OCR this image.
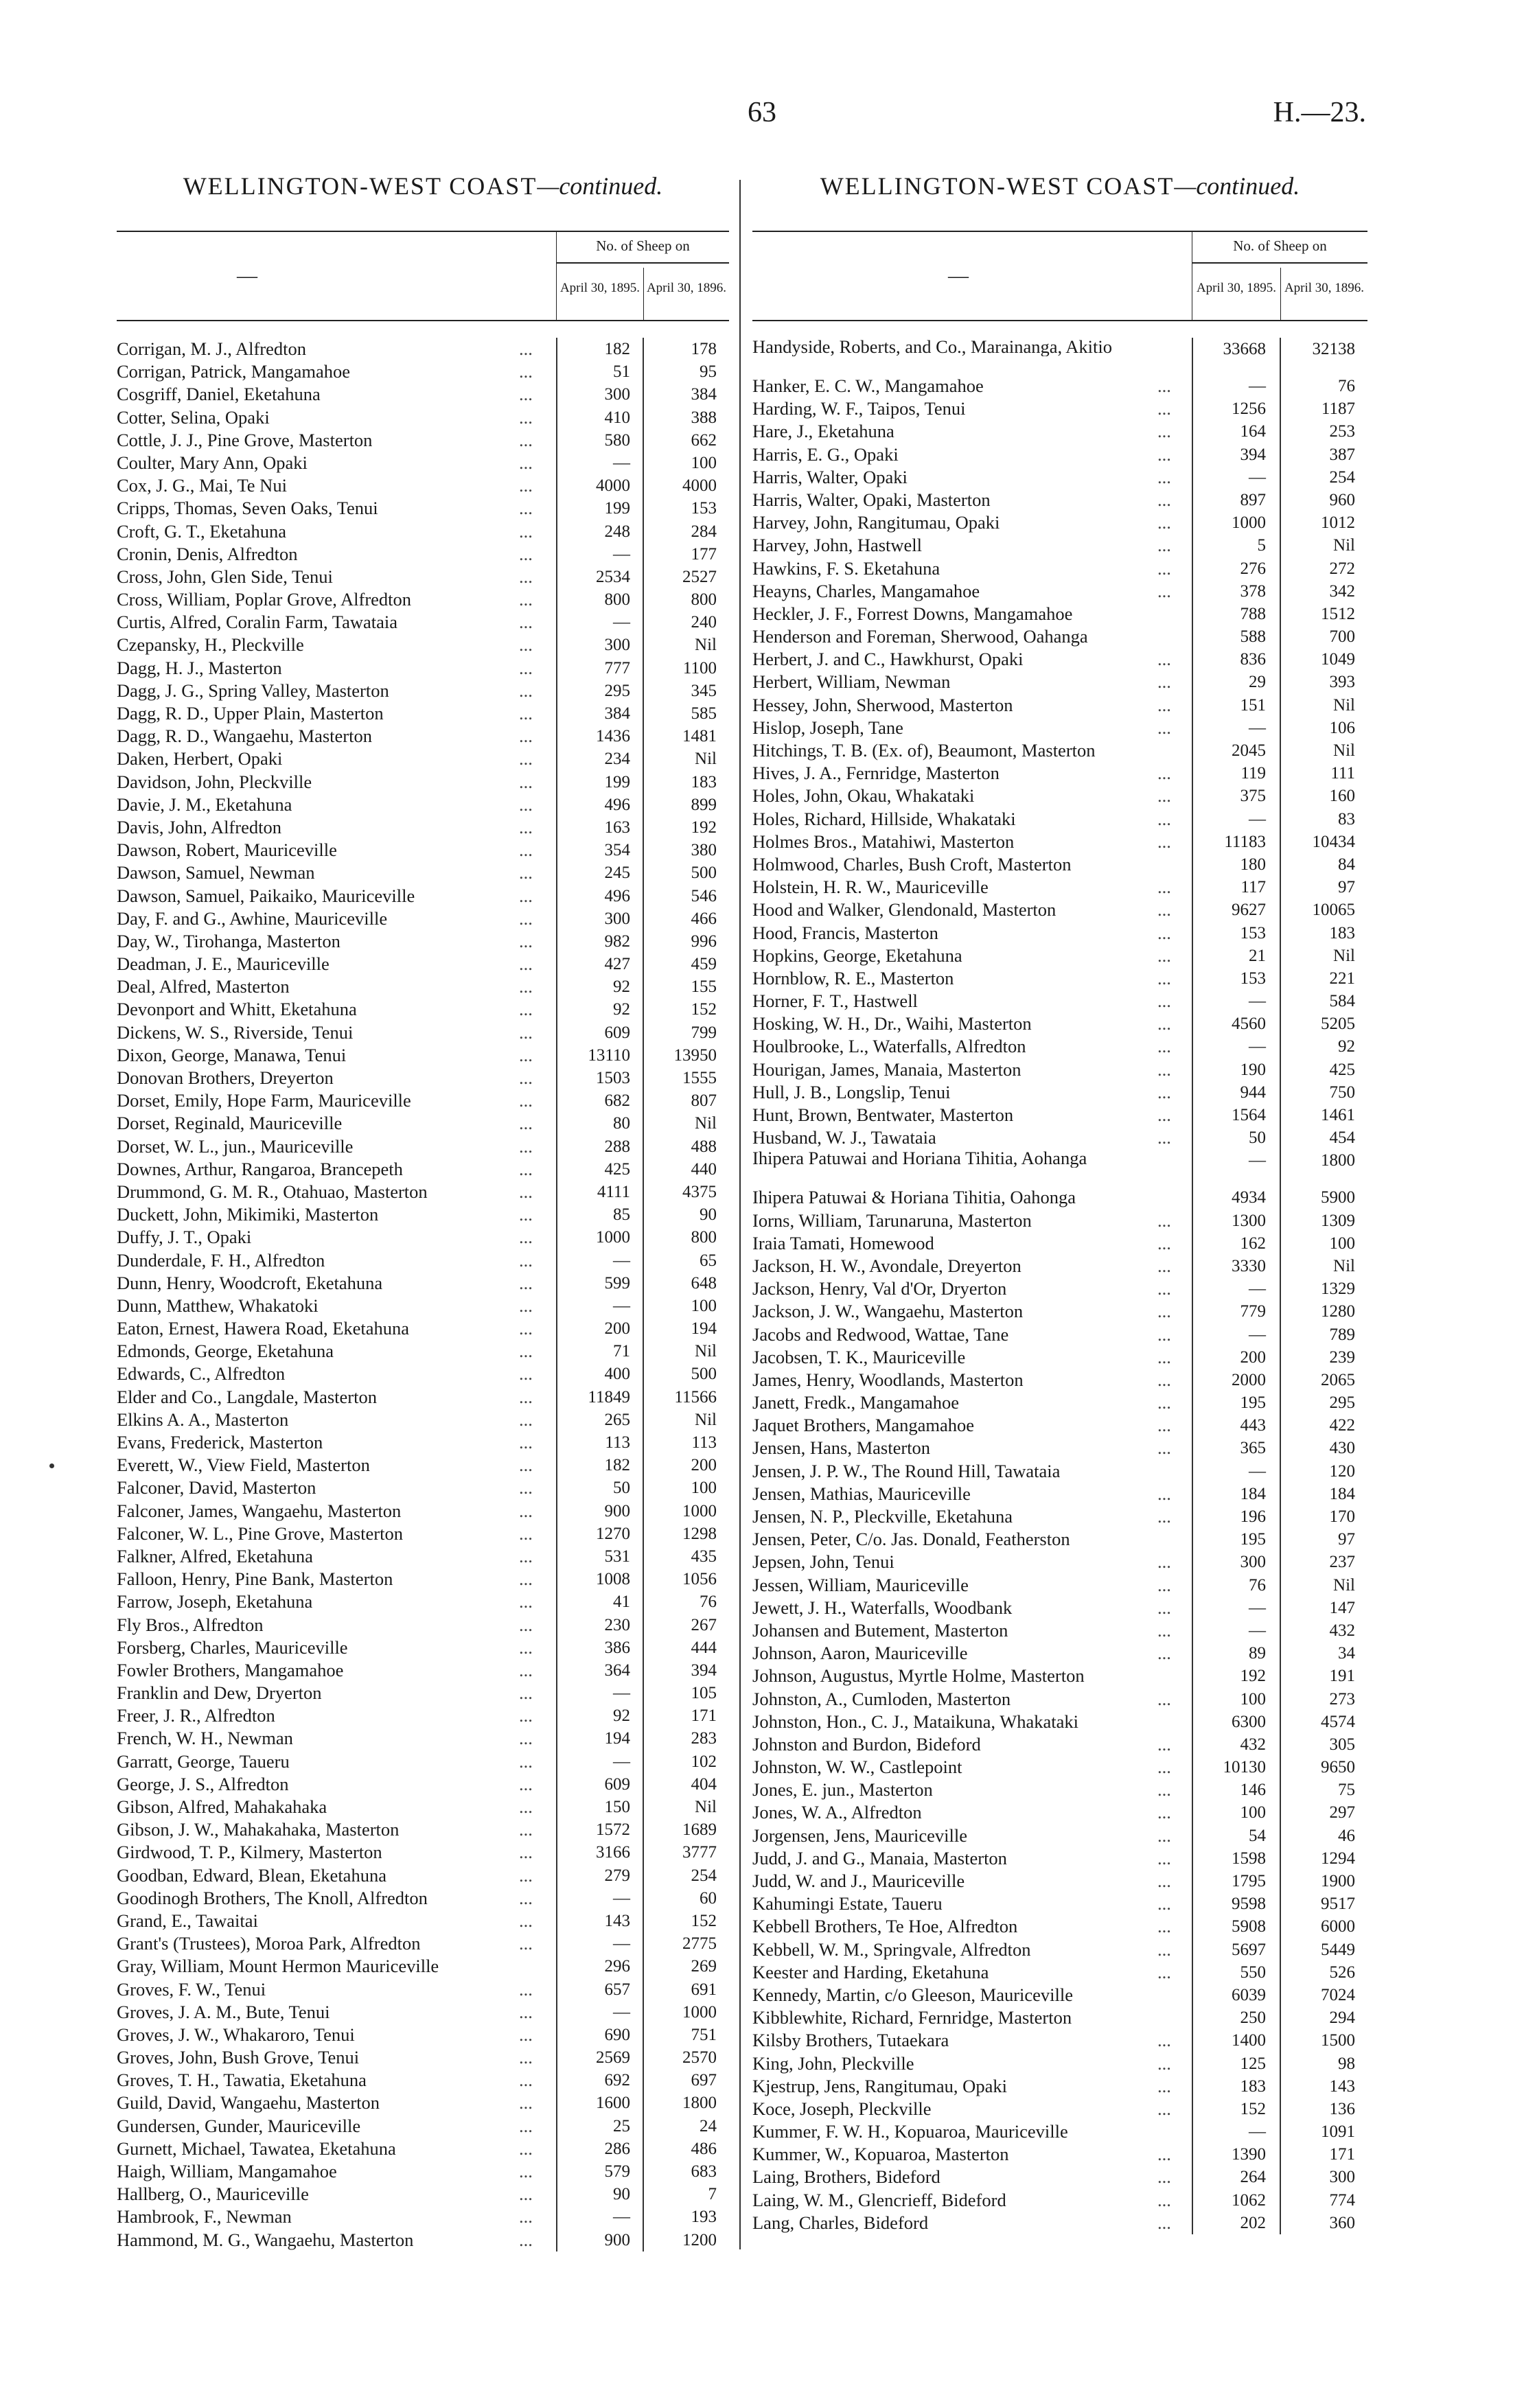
63	H.—23.
WELLINGTON-WEST COAST—continued.
—
No. of Sheep on
April 30, 1895. April 30, 1896.
Corrigan, M. J., Alfredton	...	182	178
Corrigan, Patrick, Mangamahoe	...	51	95
Cosgriff, Daniel, Eketahuna	...	300	384
Cotter, Selina, Opaki	...	410	388
Cottle, J. J., Pine Grove, Masterton	...	580	662
Coulter, Mary Ann, Opaki	...	—	100
Cox, J. G., Mai, Te Nui	...	4000	4000
Cripps, Thomas, Seven Oaks, Tenui	...	199	153
Croft, G. T., Eketahuna	...	248	284
Cronin, Denis, Alfredton	...	—	177
Cross, John, Glen Side, Tenui	...	2534	2527
Cross, William, Poplar Grove, Alfredton	...	800	800
Curtis, Alfred, Coralin Farm, Tawataia	...	—	240
Czepansky, H., Pleckville	...	300	Nil
Dagg, H. J., Masterton	...	777	1100
Dagg, J. G., Spring Valley, Masterton	...	295	345
Dagg, R. D., Upper Plain, Masterton	...	384	585
Dagg, R. D., Wangaehu, Masterton	...	1436	1481
Daken, Herbert, Opaki	...	234	Nil
Davidson, John, Pleckville	...	199	183
Davie, J. M., Eketahuna	...	496	899
Davis, John, Alfredton	...	163	192
Dawson, Robert, Mauriceville	...	354	380
Dawson, Samuel, Newman	...	245	500
Dawson, Samuel, Paikaiko, Mauriceville	...	496	546
Day, F. and G., Awhine, Mauriceville	...	300	466
Day, W., Tirohanga, Masterton	...	982	996
Deadman, J. E., Mauriceville	...	427	459
Deal, Alfred, Masterton	...	92	155
Devonport and Whitt, Eketahuna	...	92	152
Dickens, W. S., Riverside, Tenui	...	609	799
Dixon, George, Manawa, Tenui	...	13110	13950
Donovan Brothers, Dreyerton	...	1503	1555
Dorset, Emily, Hope Farm, Mauriceville	...	682	807
Dorset, Reginald, Mauriceville	...	80	Nil
Dorset, W. L., jun., Mauriceville	...	288	488
Downes, Arthur, Rangaroa, Brancepeth	...	425	440
Drummond, G. M. R., Otahuao, Masterton	...	4111	4375
Duckett, John, Mikimiki, Masterton	...	85	90
Duffy, J. T., Opaki	...	1000	800
Dunderdale, F. H., Alfredton	...	—	65
Dunn, Henry, Woodcroft, Eketahuna	...	599	648
Dunn, Matthew, Whakatoki	...	—	100
Eaton, Ernest, Hawera Road, Eketahuna	...	200	194
Edmonds, George, Eketahuna	...	71	Nil
Edwards, C., Alfredton	...	400	500
Elder and Co., Langdale, Masterton	...	11849	11566
Elkins A. A., Masterton	...	265	Nil
Evans, Frederick, Masterton	...	113	113
Everett, W., View Field, Masterton	...	182	200
Falconer, David, Masterton	...	50	100
Falconer, James, Wangaehu, Masterton	...	900	1000
Falconer, W. L., Pine Grove, Masterton	...	1270	1298
Falkner, Alfred, Eketahuna	...	531	435
Falloon, Henry, Pine Bank, Masterton	...	1008	1056
Farrow, Joseph, Eketahuna	...	41	76
Fly Bros., Alfredton	...	230	267
Forsberg, Charles, Mauriceville	...	386	444
Fowler Brothers, Mangamahoe	...	364	394
Franklin and Dew, Dryerton	...	—	105
Freer, J. R., Alfredton	...	92	171
French, W. H., Newman	...	194	283
Garratt, George, Taueru	...	—	102
George, J. S., Alfredton	...	609	404
Gibson, Alfred, Mahakahaka	...	150	Nil
Gibson, J. W., Mahakahaka, Masterton	...	1572	1689
Girdwood, T. P., Kilmery, Masterton	...	3166	3777
Goodban, Edward, Blean, Eketahuna	...	279	254
Goodinogh Brothers, The Knoll, Alfredton	...	—	60
Grand, E., Tawaitai	...	143	152
Grant's (Trustees), Moroa Park, Alfredton	...	—	2775
Gray, William, Mount Hermon Mauriceville	296	269
Groves, F. W., Tenui	...	657	691
Groves, J. A. M., Bute, Tenui	...	—	1000
Groves, J. W., Whakaroro, Tenui	...	690	751
Groves, John, Bush Grove, Tenui	...	2569	2570
Groves, T. H., Tawatia, Eketahuna	...	692	697
Guild, David, Wangaehu, Masterton	...	1600	1800
Gundersen, Gunder, Mauriceville	...	25	24
Gurnett, Michael, Tawatea, Eketahuna	...	286	486
Haigh, William, Mangamahoe	...	579	683
Hallberg, O., Mauriceville	...	90	7
Hambrook, F., Newman	...	—	193
Hammond, M. G., Wangaehu, Masterton	...	900	1200
WELLINGTON-WEST COAST—continued.
—
No. of Sheep on
April 30, 1895. April 30, 1896.
Handyside, Roberts, and Co., Marainanga, Akitio	33668	32138
Hanker, E. C. W., Mangamahoe	...	—	76
Harding, W. F., Taipos, Tenui	...	1256	1187
Hare, J., Eketahuna	...	164	253
Harris, E. G., Opaki	...	394	387
Harris, Walter, Opaki	...	—	254
Harris, Walter, Opaki, Masterton	...	897	960
Harvey, John, Rangitumau, Opaki	...	1000	1012
Harvey, John, Hastwell	...	5	Nil
Hawkins, F. S. Eketahuna	...	276	272
Heayns, Charles, Mangamahoe	...	378	342
Heckler, J. F., Forrest Downs, Mangamahoe	788	1512
Henderson and Foreman, Sherwood, Oahanga	588	700
Herbert, J. and C., Hawkhurst, Opaki	...	836	1049
Herbert, William, Newman	...	29	393
Hessey, John, Sherwood, Masterton	...	151	Nil
Hislop, Joseph, Tane	...	—	106
Hitchings, T. B. (Ex. of), Beaumont, Masterton	2045	Nil
Hives, J. A., Fernridge, Masterton	...	119	111
Holes, John, Okau, Whakataki	...	375	160
Holes, Richard, Hillside, Whakataki	...	—	83
Holmes Bros., Matahiwi, Masterton	...	11183	10434
Holmwood, Charles, Bush Croft, Masterton	180	84
Holstein, H. R. W., Mauriceville	...	117	97
Hood and Walker, Glendonald, Masterton	...	9627	10065
Hood, Francis, Masterton	...	153	183
Hopkins, George, Eketahuna	...	21	Nil
Hornblow, R. E., Masterton	...	153	221
Horner, F. T., Hastwell	...	—	584
Hosking, W. H., Dr., Waihi, Masterton	...	4560	5205
Houlbrooke, L., Waterfalls, Alfredton	...	—	92
Hourigan, James, Manaia, Masterton	...	190	425
Hull, J. B., Longslip, Tenui	...	944	750
Hunt, Brown, Bentwater, Masterton	...	1564	1461
Husband, W. J., Tawataia	...	50	454
Ihipera Patuwai and Horiana Tihitia, Aohanga	—	1800
Ihipera Patuwai & Horiana Tihitia, Oahonga	4934	5900
Iorns, William, Tarunaruna, Masterton	...	1300	1309
Iraia Tamati, Homewood	...	162	100
Jackson, H. W., Avondale, Dreyerton	...	3330	Nil
Jackson, Henry, Val d'Or, Dryerton	...	—	1329
Jackson, J. W., Wangaehu, Masterton	...	779	1280
Jacobs and Redwood, Wattae, Tane	...	—	789
Jacobsen, T. K., Mauriceville	...	200	239
James, Henry, Woodlands, Masterton	...	2000	2065
Janett, Fredk., Mangamahoe	...	195	295
Jaquet Brothers, Mangamahoe	...	443	422
Jensen, Hans, Masterton	...	365	430
Jensen, J. P. W., The Round Hill, Tawataia	—	120
Jensen, Mathias, Mauriceville	...	184	184
Jensen, N. P., Pleckville, Eketahuna	...	196	170
Jensen, Peter, C/o. Jas. Donald, Featherston	195	97
Jepsen, John, Tenui	...	300	237
Jessen, William, Mauriceville	...	76	Nil
Jewett, J. H., Waterfalls, Woodbank	...	—	147
Johansen and Butement, Masterton	...	—	432
Johnson, Aaron, Mauriceville	...	89	34
Johnson, Augustus, Myrtle Holme, Masterton	192	191
Johnston, A., Cumloden, Masterton	...	100	273
Johnston, Hon., C. J., Mataikuna, Whakataki	6300	4574
Johnston and Burdon, Bideford	...	432	305
Johnston, W. W., Castlepoint	...	10130	9650
Jones, E. jun., Masterton	...	146	75
Jones, W. A., Alfredton	...	100	297
Jorgensen, Jens, Mauriceville	...	54	46
Judd, J. and G., Manaia, Masterton	...	1598	1294
Judd, W. and J., Mauriceville	...	1795	1900
Kahumingi Estate, Taueru	...	9598	9517
Kebbell Brothers, Te Hoe, Alfredton	...	5908	6000
Kebbell, W. M., Springvale, Alfredton	...	5697	5449
Keester and Harding, Eketahuna	...	550	526
Kennedy, Martin, c/o Gleeson, Mauriceville	6039	7024
Kibblewhite, Richard, Fernridge, Masterton	250	294
Kilsby Brothers, Tutaekara	...	1400	1500
King, John, Pleckville	...	125	98
Kjestrup, Jens, Rangitumau, Opaki	...	183	143
Koce, Joseph, Pleckville	...	152	136
Kummer, F. W. H., Kopuaroa, Mauriceville	—	1091
Kummer, W., Kopuaroa, Masterton	...	1390	171
Laing, Brothers, Bideford	...	264	300
Laing, W. M., Glencrieff, Bideford	...	1062	774
Lang, Charles, Bideford	...	202	360
